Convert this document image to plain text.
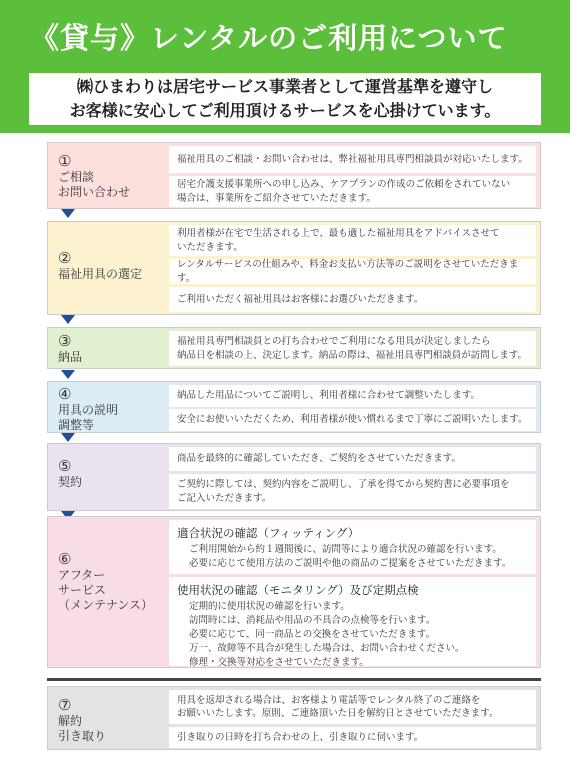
《貸与》レンタルのご利用について
㈱ひまわりは居宅サービス事業者として運営基準を遵守し
お客様に安心してご利用頂けるサービスを心掛けています。
①
ご相談
お問い合わせ
福祉用具のご相談・お問い合わせは、弊社福祉用具専門相談員が対応いたします。
居宅介護支援事業所への申し込み、ケアプランの作成のご依頼をされていない
場合は、事業所をご紹介させていただきます。
②
福祉用具の選定
利用者様が在宅で生活される上で、最も適した福祉用具をアドバイスさせて
いただきます。
レンタルサービスの仕組みや、料金お支払い方法等のご説明をさせていただきます。
ご利用いただく福祉用具はお客様にお選びいただきます。
③
納品
福祉用具専門相談員との打ち合わせでご利用になる用具が決定しましたら
納品日を相談の上、決定します。納品の際は、福祉用具専門相談員が訪問します。
④
用具の説明
調整等
納品した用品についてご説明し、利用者様に合わせて調整いたします。
安全にお使いいただくため、利用者様が使い慣れるまで丁寧にご説明いたします。
⑤
契約
商品を最終的に確認していただき、ご契約をさせていただきます。
ご契約に際しては、契約内容をご説明し、了承を得てから契約書に必要事項を
ご記入いただきます。
⑥
アフター
サービス
（メンテナンス）
適合状況の確認（フィッティング）
ご利用開始から約１週間後に、訪問等により適合状況の確認を行います。
必要に応じて使用方法のご説明や他の商品のご提案をさせていただきます。
使用状況の確認（モニタリング）及び定期点検
定期的に使用状況の確認を行います。
訪問時には、消耗品や用品の不具合の点検等を行います。
必要に応じて、同一商品との交換をさせていただきます。
万一、故障等不具合が発生した場合は、お問い合わせください。
修理・交換等対応をさせていただきます。
⑦
解約
引き取り
用具を返却される場合は、お客様より電話等でレンタル終了のご連絡を
お願いいたします。原則、ご連絡頂いた日を解約日とさせていただきます。
引き取りの日時を打ち合わせの上、引き取りに伺います。
